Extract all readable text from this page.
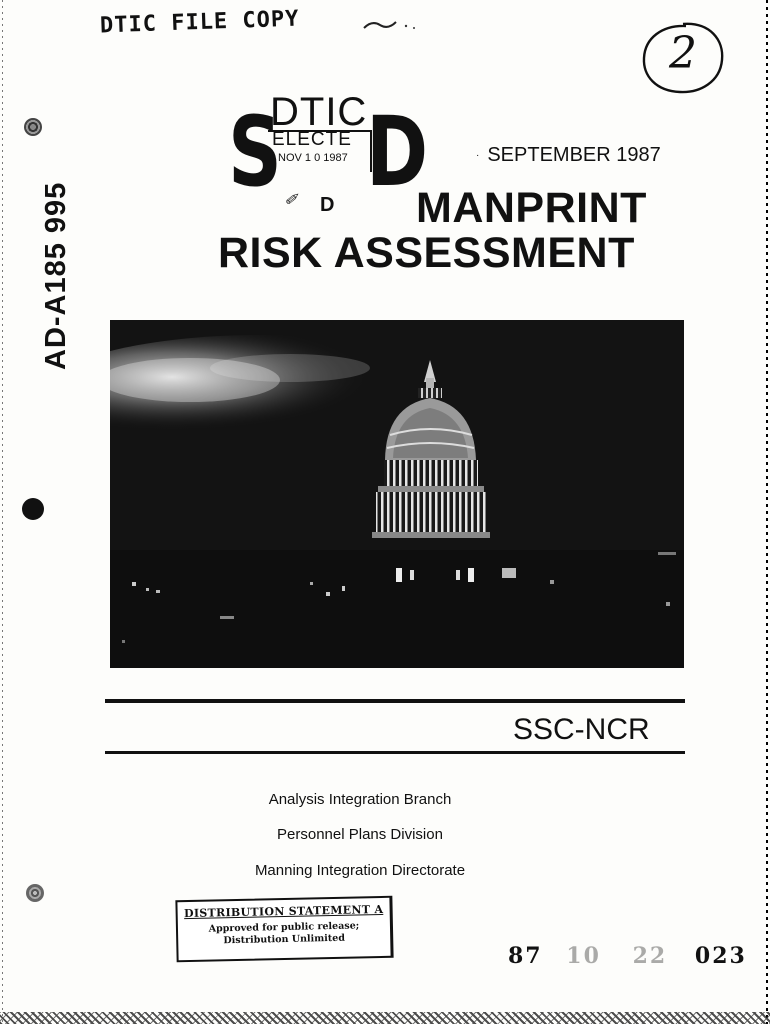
DTIC FILE COPY
2
AD-A185 995
S
DTIC
ELECTE
NOV 1 0 1987 D
✐ D
· SEPTEMBER 1987
MANPRINT
RISK ASSESSMENT
SSC-NCR
Analysis Integration Branch
Personnel Plans Division
Manning Integration Directorate
DISTRIBUTION STATEMENT A
Approved for public release;
Distribution Unlimited
87 10 22 023
